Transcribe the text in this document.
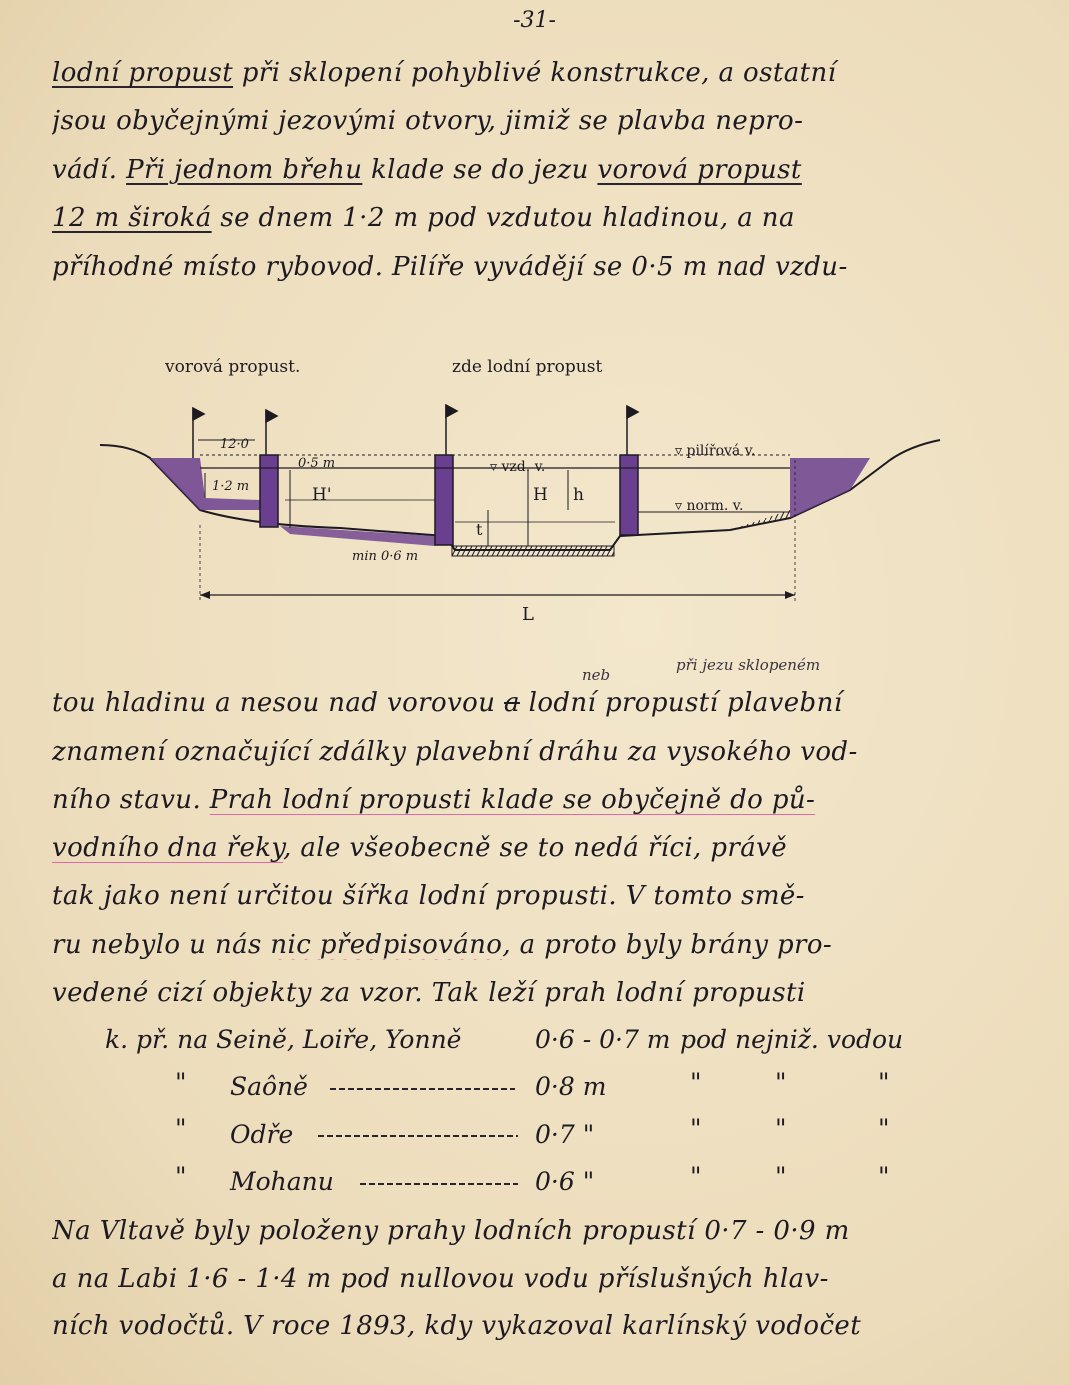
-31-
lodní propust při sklopení pohyblivé konstrukce, a ostatní
jsou obyčejnými jezovými otvory, jimiž se plavba nepro-
vádí. Při jednom břehu klade se do jezu vorová propust
12 m široká se dnem 1·2 m pod vzdutou hladinou, a na
příhodné místo rybovod. Pilíře vyvádějí se 0·5 m nad vzdu-
vorová propust.	zde lodní propust
12·0
0·5 m
1·2 m	H'	H h
t
min 0·6 m
L
▿ pilířová v.
▿ vzd. v.
▿ norm. v.
neb
při jezu sklopeném
tou hladinu a nesou nad vorovou a lodní propustí plavební
znamení označující zdálky plavební dráhu za vysokého vod-
ního stavu. Prah lodní propusti klade se obyčejně do pů-
vodního dna řeky, ale všeobecně se to nedá říci, právě
tak jako není určitou šířka lodní propusti. V tomto smě-
ru nebylo u nás nic předpisováno, a proto byly brány pro-
vedené cizí objekty za vzor. Tak leží prah lodní propusti
k. př. na Seině, Loiře, Yonně	0·6 - 0·7 m pod nejniž. vodou
" Saôně	0·8 m	"	"	"
" Odře	0·7 "	"	"	"
" Mohanu	0·6 "	"	"	"
Na Vltavě byly položeny prahy lodních propustí 0·7 - 0·9 m
a na Labi 1·6 - 1·4 m pod nullovou vodu příslušných hlav-
ních vodočtů. V roce 1893, kdy vykazoval karlínský vodočet
